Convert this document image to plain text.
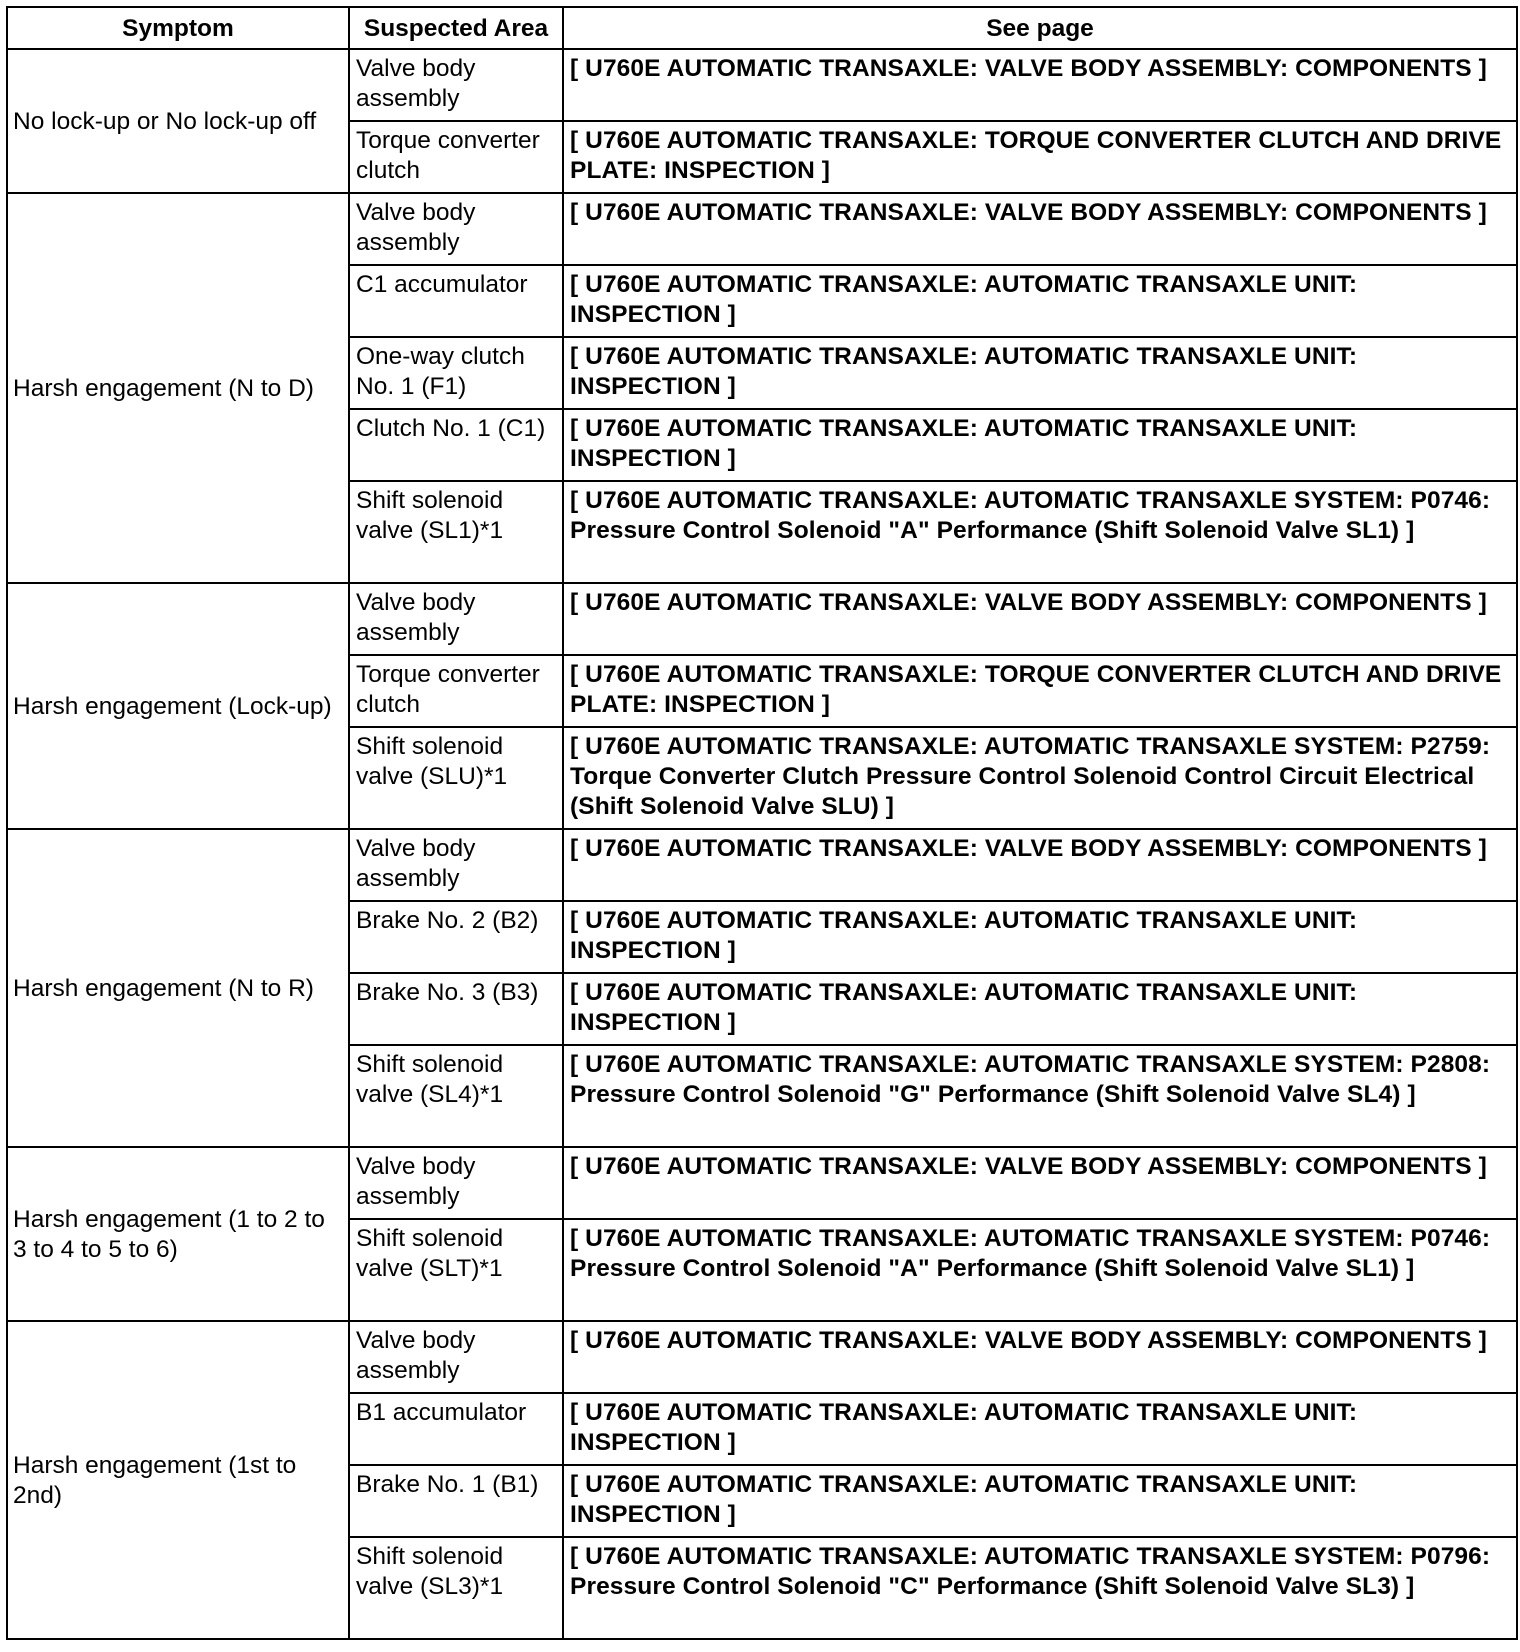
Symptom	Suspected Area	See page
No lock-up or No lock-up off	Valve body assembly	[ U760E AUTOMATIC TRANSAXLE: VALVE BODY ASSEMBLY: COMPONENTS ]
	Torque converter clutch	[ U760E AUTOMATIC TRANSAXLE: TORQUE CONVERTER CLUTCH AND DRIVE PLATE: INSPECTION ]
Harsh engagement (N to D)	Valve body assembly	[ U760E AUTOMATIC TRANSAXLE: VALVE BODY ASSEMBLY: COMPONENTS ]
	C1 accumulator	[ U760E AUTOMATIC TRANSAXLE: AUTOMATIC TRANSAXLE UNIT: INSPECTION ]
	One-way clutch No. 1 (F1)	[ U760E AUTOMATIC TRANSAXLE: AUTOMATIC TRANSAXLE UNIT: INSPECTION ]
	Clutch No. 1 (C1)	[ U760E AUTOMATIC TRANSAXLE: AUTOMATIC TRANSAXLE UNIT: INSPECTION ]
	Shift solenoid valve (SL1)*1	[ U760E AUTOMATIC TRANSAXLE: AUTOMATIC TRANSAXLE SYSTEM: P0746: Pressure Control Solenoid "A" Performance (Shift Solenoid Valve SL1) ]
Harsh engagement (Lock-up)	Valve body assembly	[ U760E AUTOMATIC TRANSAXLE: VALVE BODY ASSEMBLY: COMPONENTS ]
	Torque converter clutch	[ U760E AUTOMATIC TRANSAXLE: TORQUE CONVERTER CLUTCH AND DRIVE PLATE: INSPECTION ]
	Shift solenoid valve (SLU)*1	[ U760E AUTOMATIC TRANSAXLE: AUTOMATIC TRANSAXLE SYSTEM: P2759: Torque Converter Clutch Pressure Control Solenoid Control Circuit Electrical (Shift Solenoid Valve SLU) ]
Harsh engagement (N to R)	Valve body assembly	[ U760E AUTOMATIC TRANSAXLE: VALVE BODY ASSEMBLY: COMPONENTS ]
	Brake No. 2 (B2)	[ U760E AUTOMATIC TRANSAXLE: AUTOMATIC TRANSAXLE UNIT: INSPECTION ]
	Brake No. 3 (B3)	[ U760E AUTOMATIC TRANSAXLE: AUTOMATIC TRANSAXLE UNIT: INSPECTION ]
	Shift solenoid valve (SL4)*1	[ U760E AUTOMATIC TRANSAXLE: AUTOMATIC TRANSAXLE SYSTEM: P2808: Pressure Control Solenoid "G" Performance (Shift Solenoid Valve SL4) ]
Harsh engagement (1 to 2 to 3 to 4 to 5 to 6)	Valve body assembly	[ U760E AUTOMATIC TRANSAXLE: VALVE BODY ASSEMBLY: COMPONENTS ]
	Shift solenoid valve (SLT)*1	[ U760E AUTOMATIC TRANSAXLE: AUTOMATIC TRANSAXLE SYSTEM: P0746: Pressure Control Solenoid "A" Performance (Shift Solenoid Valve SL1) ]
Harsh engagement (1st to 2nd)	Valve body assembly	[ U760E AUTOMATIC TRANSAXLE: VALVE BODY ASSEMBLY: COMPONENTS ]
	B1 accumulator	[ U760E AUTOMATIC TRANSAXLE: AUTOMATIC TRANSAXLE UNIT: INSPECTION ]
	Brake No. 1 (B1)	[ U760E AUTOMATIC TRANSAXLE: AUTOMATIC TRANSAXLE UNIT: INSPECTION ]
	Shift solenoid valve (SL3)*1	[ U760E AUTOMATIC TRANSAXLE: AUTOMATIC TRANSAXLE SYSTEM: P0796: Pressure Control Solenoid "C" Performance (Shift Solenoid Valve SL3) ]
